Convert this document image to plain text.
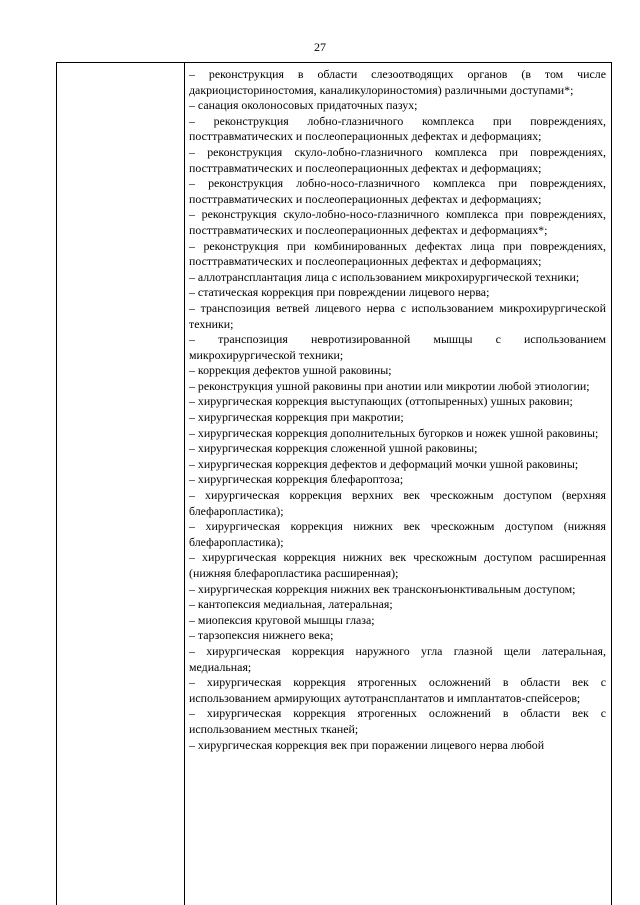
27

– реконструкция в области слезоотводящих органов (в том числе дакриоцисториностомия, каналикулориностомия) различными доступами*;

– санация околоносовых придаточных пазух;

– реконструкция лобно-глазничного комплекса при повреждениях, посттравматических и послеоперационных дефектах и деформациях;

– реконструкция скуло-лобно-глазничного комплекса при повреждениях, посттравматических и послеоперационных дефектах и деформациях;

– реконструкция лобно-носо-глазничного комплекса при повреждениях, посттравматических и послеоперационных дефектах и деформациях;

– реконструкция скуло-лобно-носо-глазничного комплекса при повреждениях, посттравматических и послеоперационных дефектах и деформациях*;

– реконструкция при комбинированных дефектах лица при повреждениях, посттравматических и послеоперационных дефектах и деформациях;

– аллотрансплантация лица с использованием микрохирургической техники;

– статическая коррекция при повреждении лицевого нерва;

– транспозиция ветвей лицевого нерва с использованием микрохирургической техники;

– транспозиция невротизированной мышцы с использованием микрохирургической техники;

– коррекция дефектов ушной раковины;

– реконструкция ушной раковины при анотии или микротии любой этиологии;

– хирургическая коррекция выступающих (оттопыренных) ушных раковин;

– хирургическая коррекция при макротии;

– хирургическая коррекция дополнительных бугорков и ножек ушной раковины;

– хирургическая коррекция сложенной ушной раковины;

– хирургическая коррекция дефектов и деформаций мочки ушной раковины;

– хирургическая коррекция блефароптоза;

– хирургическая коррекция верхних век чрескожным доступом (верхняя блефаропластика);

– хирургическая коррекция нижних век чрескожным доступом (нижняя блефаропластика);

– хирургическая коррекция нижних век чрескожным доступом расширенная (нижняя блефаропластика расширенная);

– хирургическая коррекция нижних век трансконъюнктивальным доступом;

– кантопексия медиальная, латеральная;

– миопексия круговой мышцы глаза;

– тарзопексия нижнего века;

– хирургическая коррекция наружного угла глазной щели латеральная, медиальная;

– хирургическая коррекция ятрогенных осложнений в области век с использованием армирующих аутотрансплантатов и имплантатов-спейсеров;

– хирургическая коррекция ятрогенных осложнений в области век с использованием местных тканей;

– хирургическая коррекция век при поражении лицевого нерва любой
